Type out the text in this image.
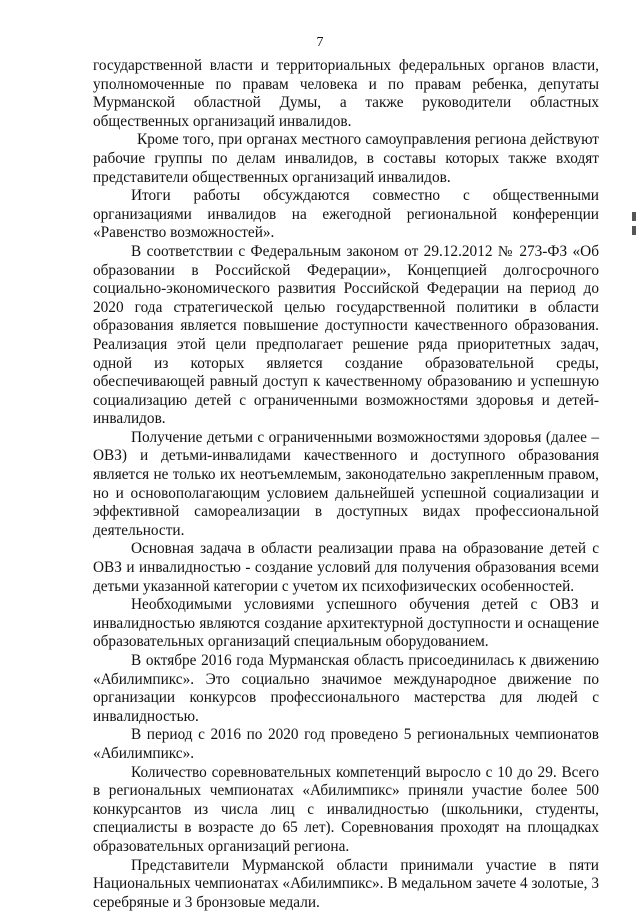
7

государственной власти и территориальных федеральных органов власти, уполномоченные по правам человека и по правам ребенка, депутаты Мурманской областной Думы, а также руководители областных общественных организаций инвалидов.

Кроме того, при органах местного самоуправления региона действуют рабочие группы по делам инвалидов, в составы которых также входят представители общественных организаций инвалидов.

Итоги работы обсуждаются совместно с общественными организациями инвалидов на ежегодной региональной конференции «Равенство возможностей».

В соответствии с Федеральным законом от 29.12.2012 № 273-ФЗ «Об образовании в Российской Федерации», Концепцией долгосрочного социально-экономического развития Российской Федерации на период до 2020 года стратегической целью государственной политики в области образования является повышение доступности качественного образования. Реализация этой цели предполагает решение ряда приоритетных задач, одной из которых является создание образовательной среды, обеспечивающей равный доступ к качественному образованию и успешную социализацию детей с ограниченными возможностями здоровья и детей-инвалидов.

Получение детьми с ограниченными возможностями здоровья (далее – ОВЗ) и детьми-инвалидами качественного и доступного образования является не только их неотъемлемым, законодательно закрепленным правом, но и основополагающим условием дальнейшей успешной социализации и эффективной самореализации в доступных видах профессиональной деятельности.

Основная задача в области реализации права на образование детей с ОВЗ и инвалидностью - создание условий для получения образования всеми детьми указанной категории с учетом их психофизических особенностей.

Необходимыми условиями успешного обучения детей с ОВЗ и инвалидностью являются создание архитектурной доступности и оснащение образовательных организаций специальным оборудованием.

В октябре 2016 года Мурманская область присоединилась к движению «Абилимпикс». Это социально значимое международное движение по организации конкурсов профессионального мастерства для людей с инвалидностью.

В период с 2016 по 2020 год проведено 5 региональных чемпионатов «Абилимпикс».

Количество соревновательных компетенций выросло с 10 до 29. Всего в региональных чемпионатах «Абилимпикс» приняли участие более 500 конкурсантов из числа лиц с инвалидностью (школьники, студенты, специалисты в возрасте до 65 лет). Соревнования проходят на площадках образовательных организаций региона.

Представители Мурманской области принимали участие в пяти Национальных чемпионатах «Абилимпикс». В медальном зачете 4 золотые, 3 серебряные и 3 бронзовые медали.
